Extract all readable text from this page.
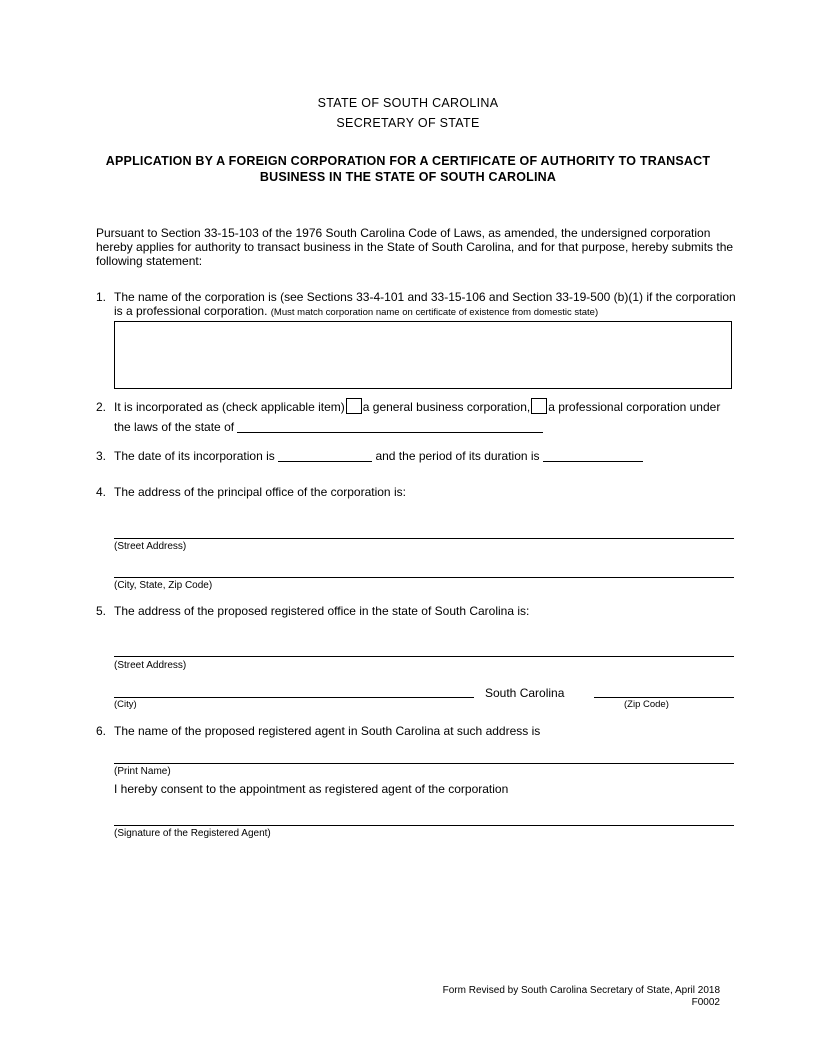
STATE OF SOUTH CAROLINA
SECRETARY OF STATE
APPLICATION BY A FOREIGN CORPORATION FOR A CERTIFICATE OF AUTHORITY TO TRANSACT
BUSINESS IN THE STATE OF SOUTH CAROLINA
Pursuant to Section 33-15-103 of the 1976 South Carolina Code of Laws, as amended, the undersigned corporation
hereby applies for authority to transact business in the State of South Carolina, and for that purpose, hereby submits the
following statement:
1. The name of the corporation is (see Sections 33-4-101 and 33-15-106 and Section 33-19-500 (b)(1) if the corporation
is a professional corporation. (Must match corporation name on certificate of existence from domestic state)
2. It is incorporated as (check applicable item) a general business corporation, a professional corporation under
the laws of the state of
3. The date of its incorporation is	and the period of its duration is
4. The address of the principal office of the corporation is:
(Street Address)
(City, State, Zip Code)
5. The address of the proposed registered office in the state of South Carolina is:
(Street Address)
South Carolina
(City)	(Zip Code)
6. The name of the proposed registered agent in South Carolina at such address is
(Print Name)
I hereby consent to the appointment as registered agent of the corporation
(Signature of the Registered Agent)
Form Revised by South Carolina Secretary of State, April 2018
F0002
